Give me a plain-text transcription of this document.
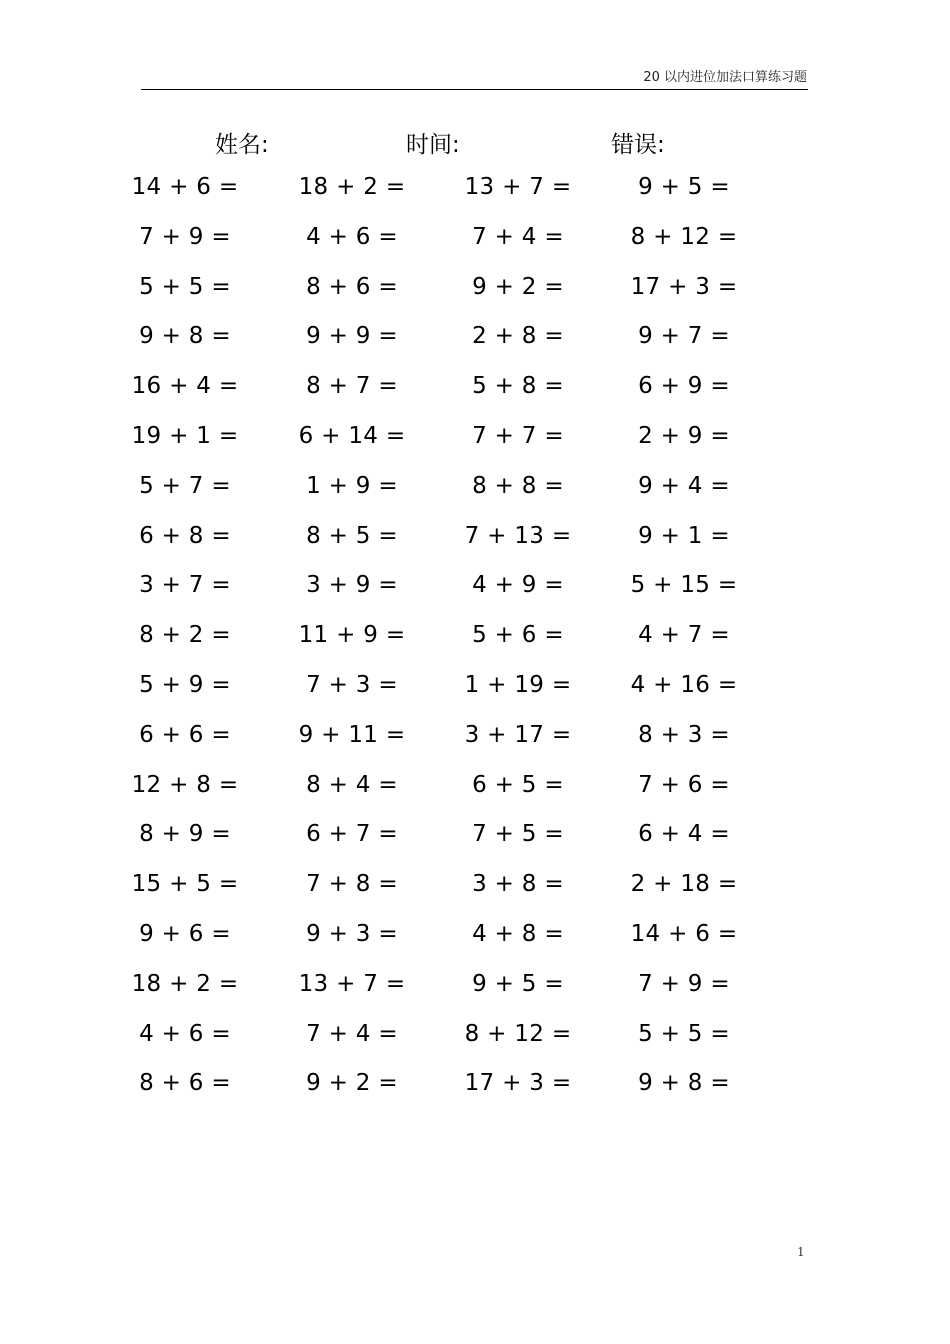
20 以内进位加法口算练习题
姓名:	时间:	错误:
14 + 6 =	18 + 2 =	13 + 7 =	9 + 5 =
7 + 9 =	4 + 6 =	7 + 4 =	8 + 12 =
5 + 5 =	8 + 6 =	9 + 2 =	17 + 3 =
9 + 8 =	9 + 9 =	2 + 8 =	9 + 7 =
16 + 4 =	8 + 7 =	5 + 8 =	6 + 9 =
19 + 1 =	6 + 14 =	7 + 7 =	2 + 9 =
5 + 7 =	1 + 9 =	8 + 8 =	9 + 4 =
6 + 8 =	8 + 5 =	7 + 13 =	9 + 1 =
3 + 7 =	3 + 9 =	4 + 9 =	5 + 15 =
8 + 2 =	11 + 9 =	5 + 6 =	4 + 7 =
5 + 9 =	7 + 3 =	1 + 19 =	4 + 16 =
6 + 6 =	9 + 11 =	3 + 17 =	8 + 3 =
12 + 8 =	8 + 4 =	6 + 5 =	7 + 6 =
8 + 9 =	6 + 7 =	7 + 5 =	6 + 4 =
15 + 5 =	7 + 8 =	3 + 8 =	2 + 18 =
9 + 6 =	9 + 3 =	4 + 8 =	14 + 6 =
18 + 2 =	13 + 7 =	9 + 5 =	7 + 9 =
4 + 6 =	7 + 4 =	8 + 12 =	5 + 5 =
8 + 6 =	9 + 2 =	17 + 3 =	9 + 8 =
1
